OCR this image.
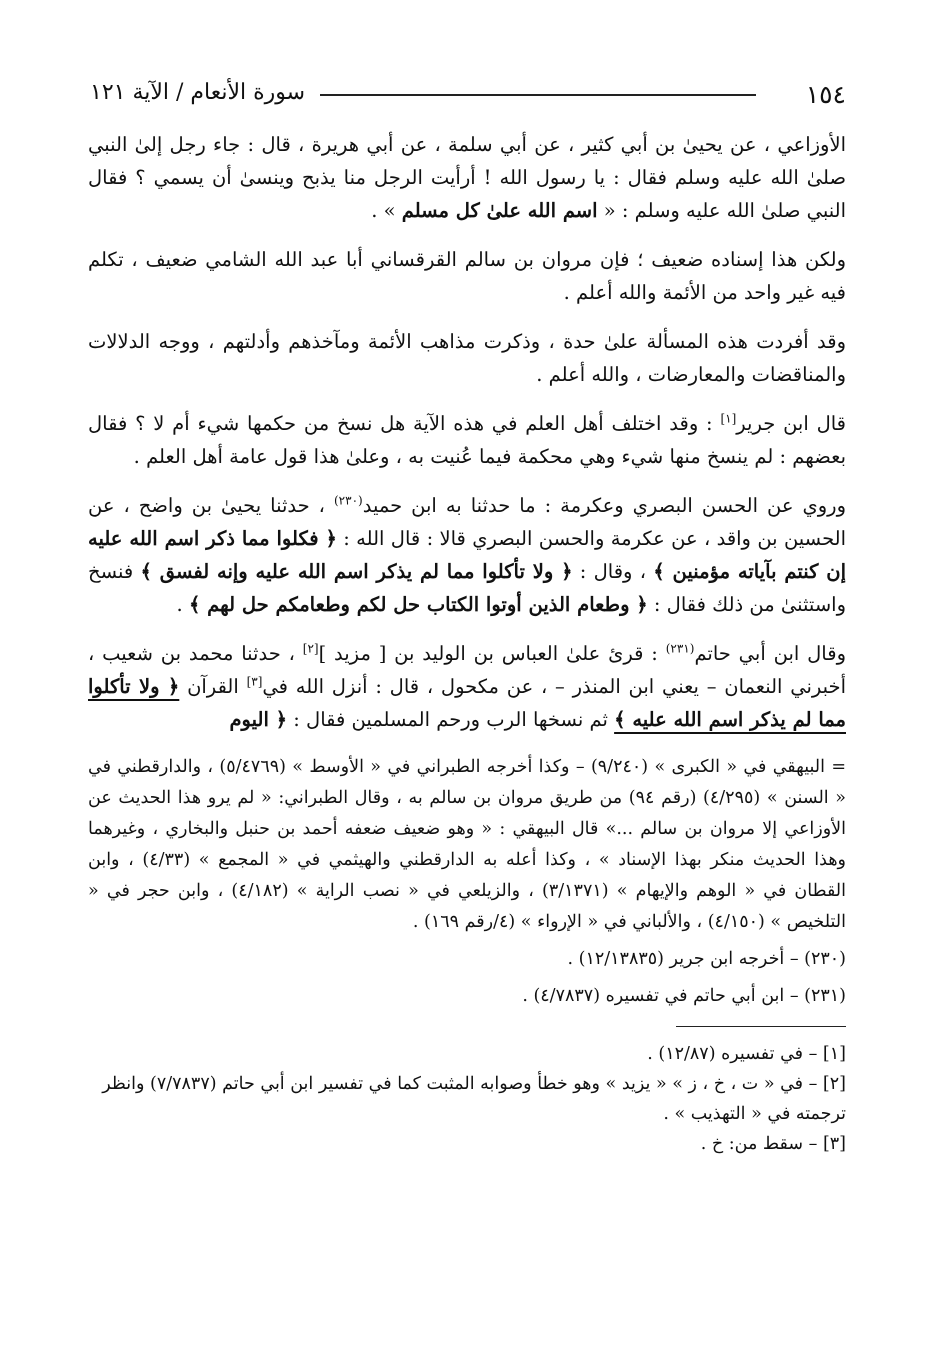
١٥٤
سورة الأنعام / الآية ١٢١

الأوزاعي ، عن يحيىٰ بن أبي كثير ، عن أبي سلمة ، عن أبي هريرة ، قال : جاء رجل إلىٰ النبي صلىٰ الله عليه وسلم فقال : يا رسول الله ! أرأيت الرجل منا يذبح وينسىٰ أن يسمي ؟ فقال النبي صلىٰ الله عليه وسلم : « اسم الله علىٰ كل مسلم » .

ولكن هذا إسناده ضعيف ؛ فإن مروان بن سالم القرقساني أبا عبد الله الشامي ضعيف ، تكلم فيه غير واحد من الأئمة والله أعلم .

وقد أفردت هذه المسألة علىٰ حدة ، وذكرت مذاهب الأئمة ومآخذهم وأدلتهم ، ووجه الدلالات والمناقضات والمعارضات ، والله أعلم .

قال ابن جرير[١] : وقد اختلف أهل العلم في هذه الآية هل نسخ من حكمها شيء أم لا ؟ فقال بعضهم : لم ينسخ منها شيء وهي محكمة فيما عُنيت به ، وعلىٰ هذا قول عامة أهل العلم .

وروي عن الحسن البصري وعكرمة : ما حدثنا به ابن حميد$^{(٢٣٠)}$ ، حدثنا يحيىٰ بن واضح ، عن الحسين بن واقد ، عن عكرمة والحسن البصري قالا : قال الله : ﴿ فكلوا مما ذكر اسم الله عليه إن كنتم بآياته مؤمنين ﴾ ، وقال : ﴿ ولا تأكلوا مما لم يذكر اسم الله عليه وإنه لفسق ﴾ فنسخ واستثنىٰ من ذلك فقال : ﴿ وطعام الذين أوتوا الكتاب حل لكم وطعامكم حل لهم ﴾ .

وقال ابن أبي حاتم$^{(٢٣١)}$ : قرئ علىٰ العباس بن الوليد بن [ مزيد ][٢] ، حدثنا محمد بن شعيب ، أخبرني النعمان – يعني ابن المنذر – ، عن مكحول ، قال : أنزل الله في[٣] القرآن ﴿ ولا تأكلوا مما لم يذكر اسم الله عليه ﴾ ثم نسخها الرب ورحم المسلمين فقال : ﴿ اليوم

= البيهقي في « الكبرى » (٩/٢٤٠) – وكذا أخرجه الطبراني في « الأوسط » (٥/٤٧٦٩) ، والدارقطني في « السنن » (٤/٢٩٥) (رقم ٩٤) من طريق مروان بن سالم به ، وقال الطبراني: « لم يرو هذا الحديث عن الأوزاعي إلا مروان بن سالم ...» قال البيهقي : « وهو ضعيف ضعفه أحمد بن حنبل والبخاري ، وغيرهما وهذا الحديث منكر بهذا الإسناد » ، وكذا أعله به الدارقطني والهيثمي في « المجمع » (٤/٣٣) ، وابن القطان في « الوهم والإيهام » (٣/١٣٧١) ، والزيلعي في « نصب الراية » (٤/١٨٢) ، وابن حجر في « التلخيص » (٤/١٥٠) ، والألباني في « الإرواء » (٤/رقم ١٦٩) .

(٢٣٠) – أخرجه ابن جرير (١٢/١٣٨٣٥) .

(٢٣١) – ابن أبي حاتم في تفسيره (٤/٧٨٣٧) .

[١] – في تفسيره (١٢/٨٧) .

[٢] – في « ت ، خ ، ز » « يزيد » وهو خطأ وصوابه المثبت كما في تفسير ابن أبي حاتم (٧/٧٨٣٧) وانظر ترجمته في « التهذيب » .

[٣] – سقط من: خ .
